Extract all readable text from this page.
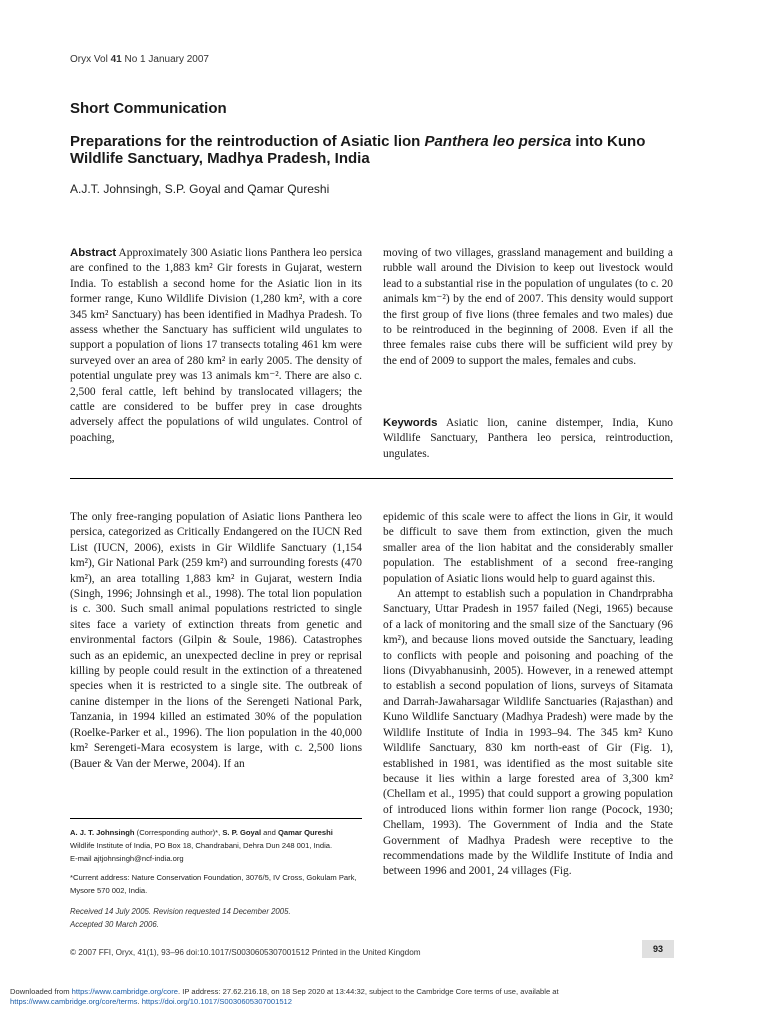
Oryx Vol 41 No 1 January 2007
Short Communication
Preparations for the reintroduction of Asiatic lion Panthera leo persica into Kuno Wildlife Sanctuary, Madhya Pradesh, India
A.J.T. Johnsingh, S.P. Goyal and Qamar Qureshi
Abstract Approximately 300 Asiatic lions Panthera leo persica are confined to the 1,883 km² Gir forests in Gujarat, western India. To establish a second home for the Asiatic lion in its former range, Kuno Wildlife Division (1,280 km², with a core 345 km² Sanctuary) has been identified in Madhya Pradesh. To assess whether the Sanctuary has sufficient wild ungulates to support a population of lions 17 transects totaling 461 km were surveyed over an area of 280 km² in early 2005. The density of potential ungulate prey was 13 animals km⁻². There are also c. 2,500 feral cattle, left behind by translocated villagers; the cattle are considered to be buffer prey in case droughts adversely affect the populations of wild ungulates. Control of poaching,
moving of two villages, grassland management and building a rubble wall around the Division to keep out livestock would lead to a substantial rise in the population of ungulates (to c. 20 animals km⁻²) by the end of 2007. This density would support the first group of five lions (three females and two males) due to be reintroduced in the beginning of 2008. Even if all the three females raise cubs there will be sufficient wild prey by the end of 2009 to support the males, females and cubs.
Keywords Asiatic lion, canine distemper, India, Kuno Wildlife Sanctuary, Panthera leo persica, reintroduction, ungulates.
The only free-ranging population of Asiatic lions Panthera leo persica, categorized as Critically Endangered on the IUCN Red List (IUCN, 2006), exists in Gir Wildlife Sanctuary (1,154 km²), Gir National Park (259 km²) and surrounding forests (470 km²), an area totalling 1,883 km² in Gujarat, western India (Singh, 1996; Johnsingh et al., 1998). The total lion population is c. 300. Such small animal populations restricted to single sites face a variety of extinction threats from genetic and environmental factors (Gilpin & Soule, 1986). Catastrophes such as an epidemic, an unexpected decline in prey or reprisal killing by people could result in the extinction of a threatened species when it is restricted to a single site. The outbreak of canine distemper in the lions of the Serengeti National Park, Tanzania, in 1994 killed an estimated 30% of the population (Roelke-Parker et al., 1996). The lion population in the 40,000 km² Serengeti-Mara ecosystem is large, with c. 2,500 lions (Bauer & Van der Merwe, 2004). If an
epidemic of this scale were to affect the lions in Gir, it would be difficult to save them from extinction, given the much smaller area of the lion habitat and the considerably smaller population. The establishment of a second free-ranging population of Asiatic lions would help to guard against this.
An attempt to establish such a population in Chandrprabha Sanctuary, Uttar Pradesh in 1957 failed (Negi, 1965) because of a lack of monitoring and the small size of the Sanctuary (96 km²), and because lions moved outside the Sanctuary, leading to conflicts with people and poisoning and poaching of the lions (Divyabhanusinh, 2005). However, in a renewed attempt to establish a second population of lions, surveys of Sitamata and Darrah-Jawaharsagar Wildlife Sanctuaries (Rajasthan) and Kuno Wildlife Sanctuary (Madhya Pradesh) were made by the Wildlife Institute of India in 1993–94. The 345 km² Kuno Wildlife Sanctuary, 830 km north-east of Gir (Fig. 1), established in 1981, was identified as the most suitable site because it lies within a large forested area of 3,300 km² (Chellam et al., 1995) that could support a growing population of introduced lions within former lion range (Pocock, 1930; Chellam, 1993). The Government of India and the State Government of Madhya Pradesh were receptive to the recommendations made by the Wildlife Institute of India and between 1996 and 2001, 24 villages (Fig.
A. J. T. Johnsingh (Corresponding author)*, S. P. Goyal and Qamar Qureshi
Wildlife Institute of India, PO Box 18, Chandrabani, Dehra Dun 248 001, India.
E-mail ajtjohnsingh@ncf-india.org
*Current address: Nature Conservation Foundation, 3076/5, IV Cross, Gokulam Park, Mysore 570 002, India.
Received 14 July 2005. Revision requested 14 December 2005.
Accepted 30 March 2006.
© 2007 FFI, Oryx, 41(1), 93–96 doi:10.1017/S0030605307001512 Printed in the United Kingdom	93
Downloaded from https://www.cambridge.org/core. IP address: 27.62.216.18, on 18 Sep 2020 at 13:44:32, subject to the Cambridge Core terms of use, available at
https://www.cambridge.org/core/terms. https://doi.org/10.1017/S0030605307001512
